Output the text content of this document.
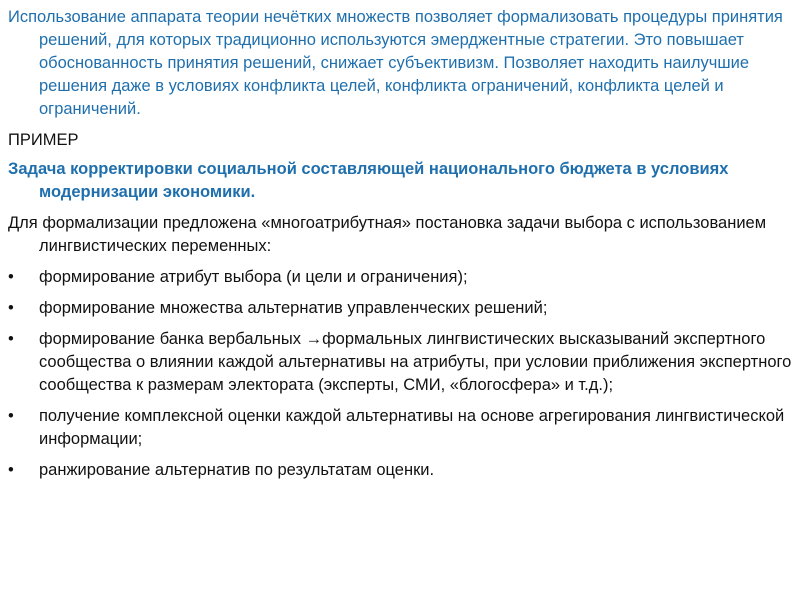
Использование аппарата теории нечётких множеств позволяет формализовать процедуры принятия решений, для которых традиционно используются эмерджентные стратегии. Это повышает обоснованность принятия решений, снижает субъективизм. Позволяет находить наилучшие решения даже в условиях конфликта целей, конфликта ограничений, конфликта целей и ограничений.

ПРИМЕР

Задача корректировки социальной составляющей национального бюджета в условиях модернизации экономики.

Для формализации предложена «многоатрибутная» постановка задачи выбора с использованием лингвистических переменных:

• формирование атрибут выбора (и цели и ограничения);
• формирование множества альтернатив управленческих решений;
• формирование банка вербальных →формальных лингвистических высказываний экспертного сообщества о влиянии каждой альтернативы на атрибуты, при условии приближения экспертного сообщества к размерам электората (эксперты, СМИ, «блогосфера» и т.д.);
• получение комплексной оценки каждой альтернативы на основе агрегирования лингвистической информации;
• ранжирование альтернатив по результатам оценки.
